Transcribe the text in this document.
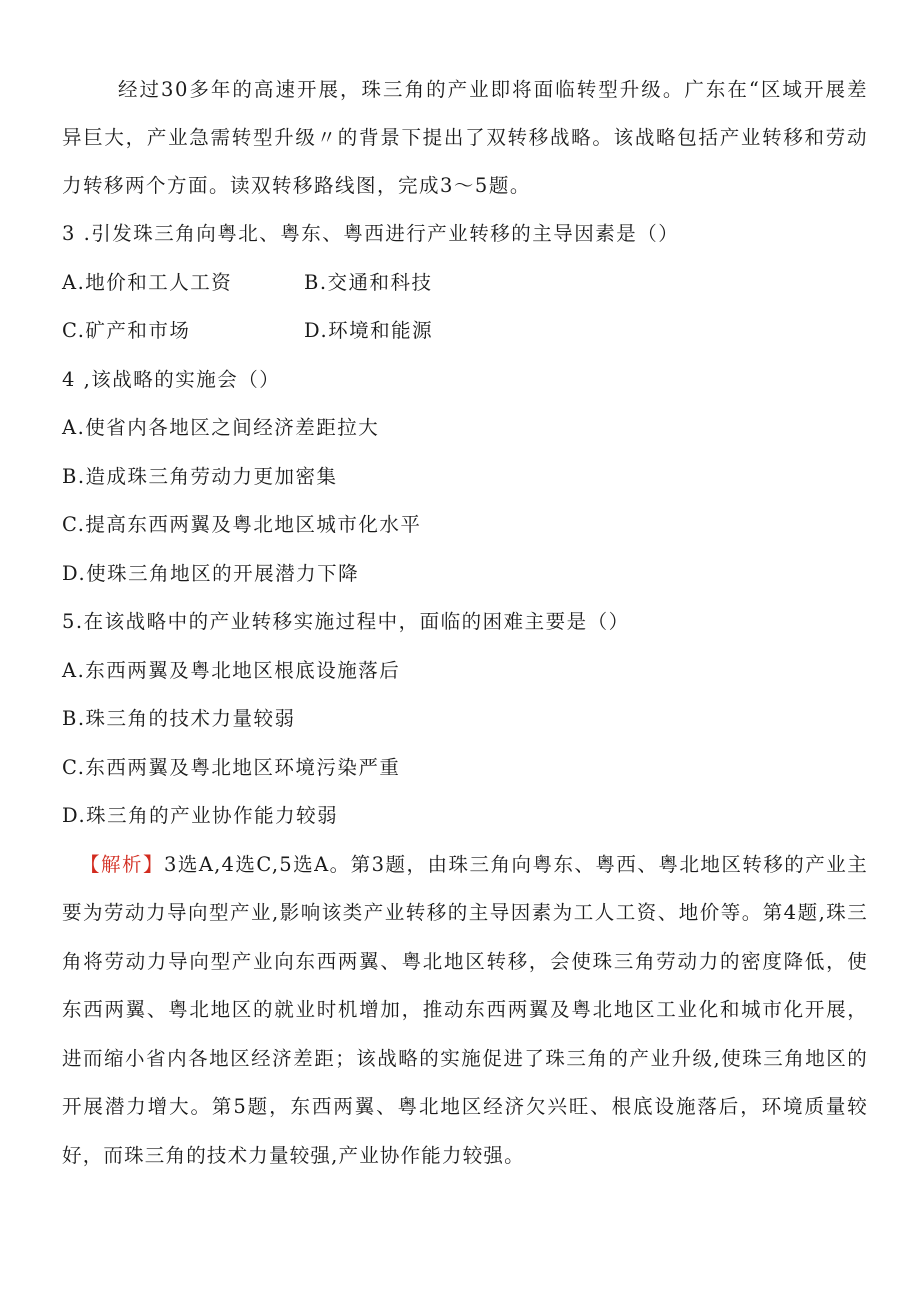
经过30多年的高速开展，珠三角的产业即将面临转型升级。广东在“区域开展差异巨大，产业急需转型升级〃的背景下提出了双转移战略。该战略包括产业转移和劳动力转移两个方面。读双转移路线图，完成3～5题。

3 .引发珠三角向粤北、粤东、粤西进行产业转移的主导因素是（）
A.地价和工人工资	B.交通和科技
C.矿产和市场	D.环境和能源
4 ,该战略的实施会（）
A.使省内各地区之间经济差距拉大
B.造成珠三角劳动力更加密集
C.提高东西两翼及粤北地区城市化水平
D.使珠三角地区的开展潜力下降
5.在该战略中的产业转移实施过程中，面临的困难主要是（）
A.东西两翼及粤北地区根底设施落后
B.珠三角的技术力量较弱
C.东西两翼及粤北地区环境污染严重
D.珠三角的产业协作能力较弱

【解析】3选A,4选C,5选A。第3题，由珠三角向粤东、粤西、粤北地区转移的产业主要为劳动力导向型产业,影响该类产业转移的主导因素为工人工资、地价等。第4题,珠三角将劳动力导向型产业向东西两翼、粤北地区转移，会使珠三角劳动力的密度降低，使东西两翼、粤北地区的就业时机增加，推动东西两翼及粤北地区工业化和城市化开展，进而缩小省内各地区经济差距；该战略的实施促进了珠三角的产业升级,使珠三角地区的开展潜力增大。第5题，东西两翼、粤北地区经济欠兴旺、根底设施落后，环境质量较好，而珠三角的技术力量较强,产业协作能力较强。
